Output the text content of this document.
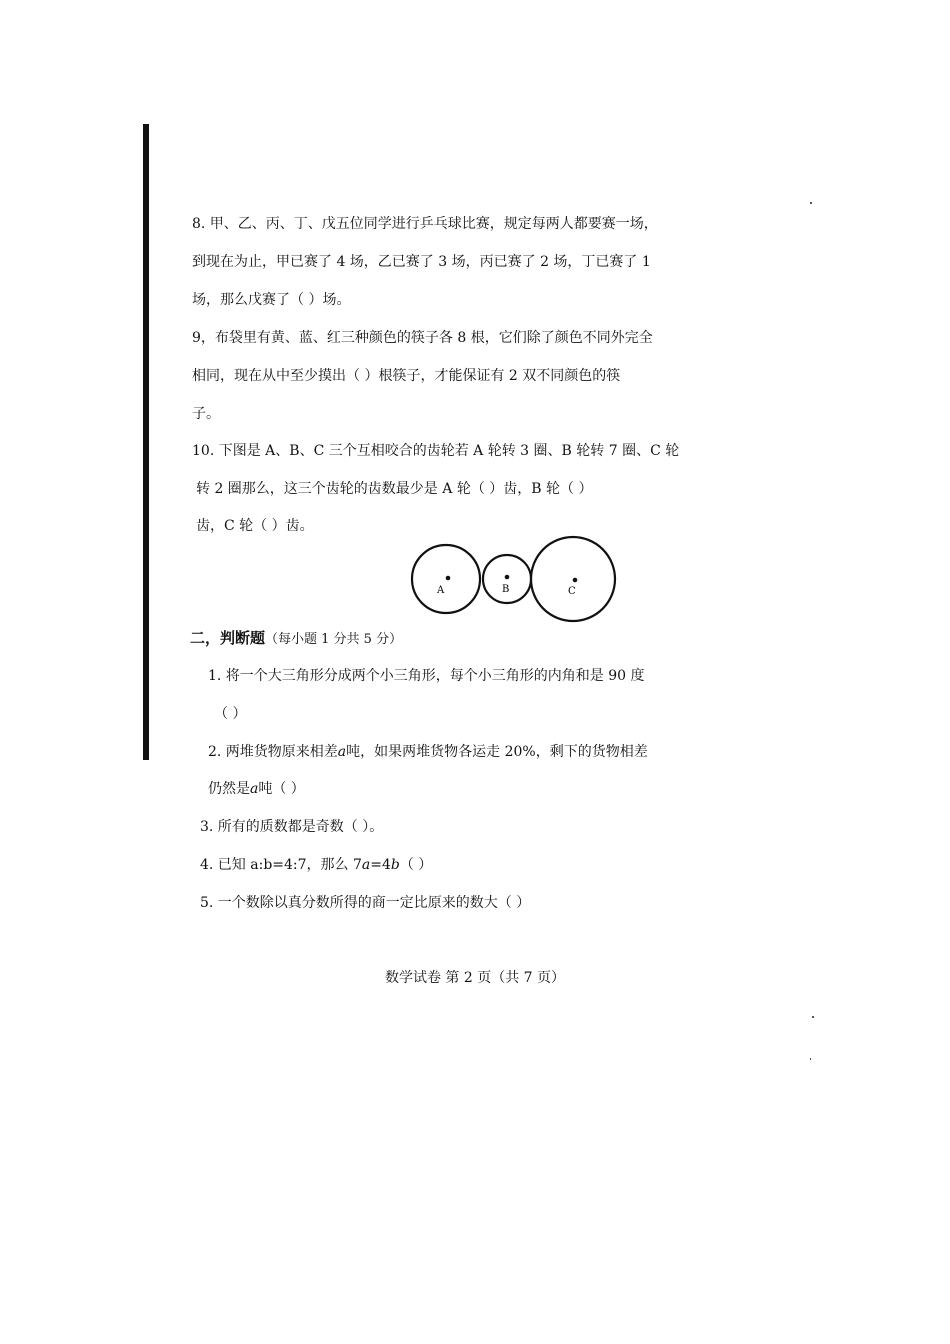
8. 甲、乙、丙、丁、戊五位同学进行乒乓球比赛，规定每两人都要赛一场，
到现在为止，甲已赛了 4 场，乙已赛了 3 场，丙已赛了 2 场，丁已赛了 1
场，那么戊赛了（ ）场。
9，布袋里有黄、蓝、红三种颜色的筷子各 8 根，它们除了颜色不同外完全
相同，现在从中至少摸出（ ）根筷子，才能保证有 2 双不同颜色的筷
子。
10. 下图是 A、B、C 三个互相咬合的齿轮若 A 轮转 3 圈、B 轮转 7 圈、C 轮
转 2 圈那么，这三个齿轮的齿数最少是 A 轮（ ）齿，B 轮（ ）
齿，C 轮（ ）齿。
A	B	C
二，判断题（每小题 1 分共 5 分）
1. 将一个大三角形分成两个小三角形，每个小三角形的内角和是 90 度
（ ）
2. 两堆货物原来相差𝑎吨，如果两堆货物各运走 20%，剩下的货物相差
仍然是𝑎吨（ ）
3. 所有的质数都是奇数（ ）。
4. 已知 a:b=4:7，那么 7𝑎=4𝑏（ ）
5. 一个数除以真分数所得的商一定比原来的数大（ ）
数学试卷 第 2 页（共 7 页）
